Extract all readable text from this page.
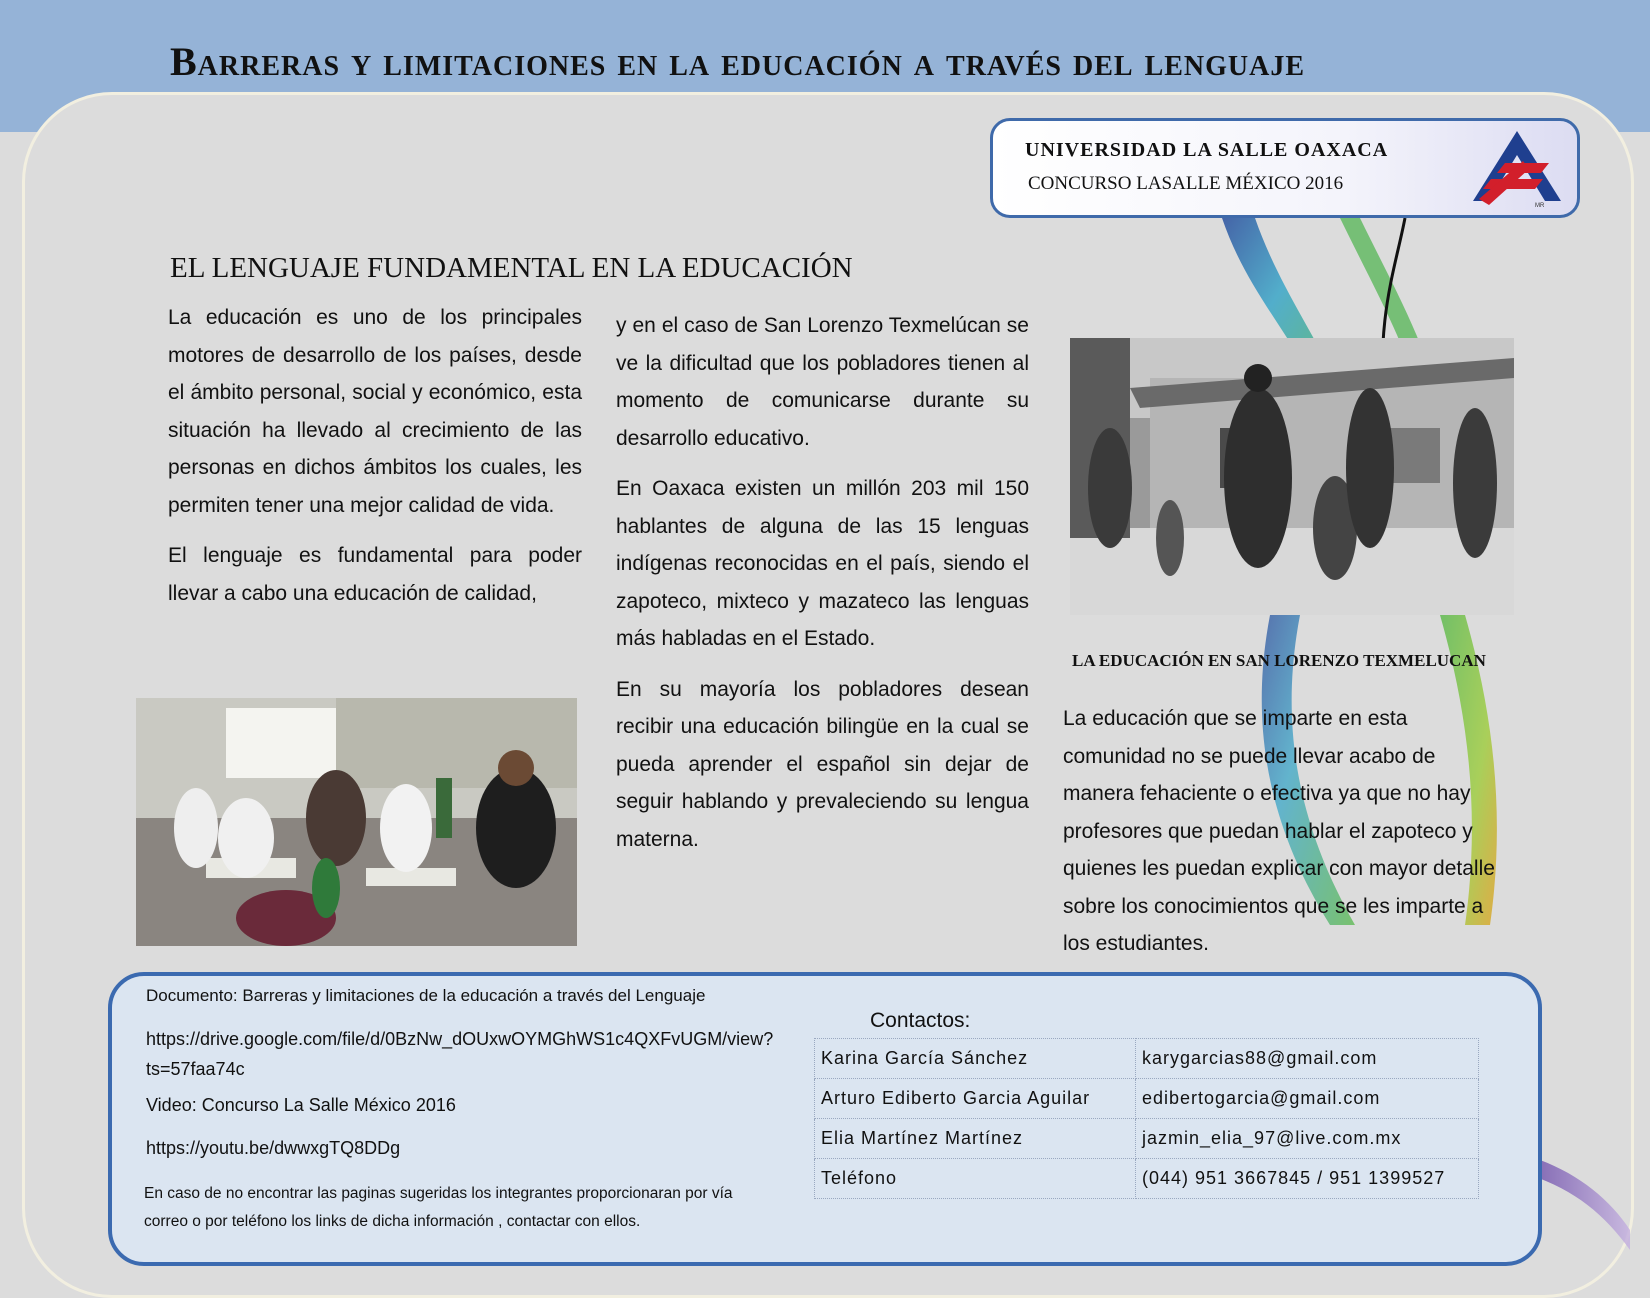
Barreras y limitaciones en la educación a través del lenguaje
UNIVERSIDAD LA SALLE OAXACA
CONCURSO LASALLE MÉXICO 2016
MR
EL LENGUAJE FUNDAMENTAL EN LA EDUCACIÓN

La educación es uno de los principales motores de desarrollo de los países, desde el ámbito personal, social y económico, esta situación ha llevado al crecimiento de las personas en dichos ámbitos los cuales, les permiten tener una mejor calidad de vida.

El lenguaje es fundamental para poder llevar a cabo una educación de calidad,

y en el caso de San Lorenzo Texmelúcan se ve la dificultad que los pobladores tienen al momento de comunicarse durante su desarrollo educativo.

En Oaxaca existen un millón 203 mil 150 hablantes de alguna de las 15 lenguas indígenas reconocidas en el país, siendo el zapoteco, mixteco y mazateco las lenguas más habladas en el Estado.

En su mayoría los pobladores desean recibir una educación bilingüe en la cual se pueda aprender el español sin dejar de seguir hablando y prevaleciendo su lengua materna.

LA EDUCACIÓN EN SAN LORENZO TEXMELUCAN

La educación que se imparte en esta comunidad no se puede llevar acabo de manera fehaciente o efectiva ya que no hay profesores que puedan hablar el zapoteco y quienes les puedan explicar con mayor detalle sobre los conocimientos que se les imparte a los estudiantes.

Documento: Barreras y limitaciones de la educación a través del Lenguaje
https://drive.google.com/file/d/0BzNw_dOUxwOYMGhWS1c4QXFvUGM/view?ts=57faa74c
Video: Concurso La Salle México 2016
https://youtu.be/dwwxgTQ8DDg
En caso de no encontrar las paginas sugeridas los integrantes proporcionaran por vía correo o por teléfono los links de dicha información , contactar con ellos.
Contactos:
Karina García Sánchez	karygarcias88@gmail.com
Arturo Ediberto Garcia Aguilar	edibertogarcia@gmail.com
Elia Martínez Martínez	jazmin_elia_97@live.com.mx
Teléfono	(044) 951 3667845 / 951 1399527
